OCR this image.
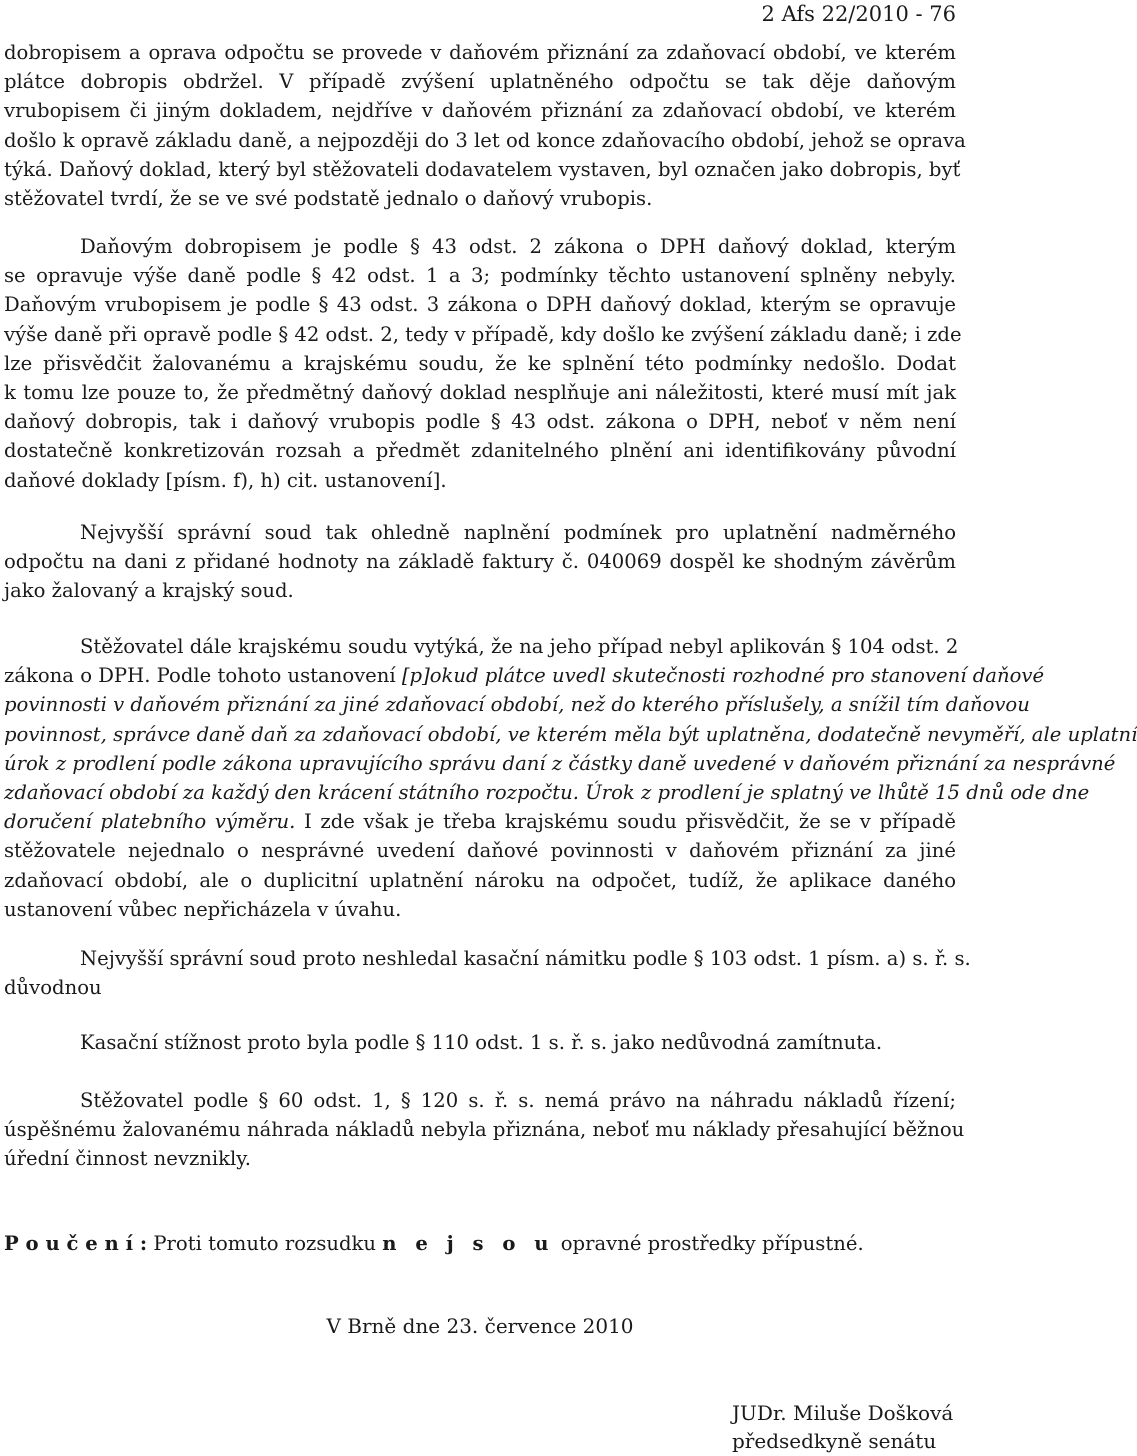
2 Afs 22/2010 - 76

dobropisem a oprava odpočtu se provede v daňovém přiznání za zdaňovací období, ve kterém
plátce dobropis obdržel. V případě zvýšení uplatněného odpočtu se tak děje daňovým
vrubopisem či jiným dokladem, nejdříve v daňovém přiznání za zdaňovací období, ve kterém
došlo k opravě základu daně, a nejpozději do 3 let od konce zdaňovacího období, jehož se oprava
týká. Daňový doklad, který byl stěžovateli dodavatelem vystaven, byl označen jako dobropis, byť
stěžovatel tvrdí, že se ve své podstatě jednalo o daňový vrubopis.

Daňovým dobropisem je podle § 43 odst. 2 zákona o DPH daňový doklad, kterým
se opravuje výše daně podle § 42 odst. 1 a 3; podmínky těchto ustanovení splněny nebyly.
Daňovým vrubopisem je podle § 43 odst. 3 zákona o DPH daňový doklad, kterým se opravuje
výše daně při opravě podle § 42 odst. 2, tedy v případě, kdy došlo ke zvýšení základu daně; i zde
lze přisvědčit žalovanému a krajskému soudu, že ke splnění této podmínky nedošlo. Dodat
k tomu lze pouze to, že předmětný daňový doklad nesplňuje ani náležitosti, které musí mít jak
daňový dobropis, tak i daňový vrubopis podle § 43 odst. zákona o DPH, neboť v něm není
dostatečně konkretizován rozsah a předmět zdanitelného plnění ani identifikovány původní
daňové doklady [písm. f), h) cit. ustanovení].

Nejvyšší správní soud tak ohledně naplnění podmínek pro uplatnění nadměrného
odpočtu na dani z přidané hodnoty na základě faktury č. 040069 dospěl ke shodným závěrům
jako žalovaný a krajský soud.

Stěžovatel dále krajskému soudu vytýká, že na jeho případ nebyl aplikován § 104 odst. 2
zákona o DPH. Podle tohoto ustanovení [p]okud plátce uvedl skutečnosti rozhodné pro stanovení daňové
povinnosti v daňovém přiznání za jiné zdaňovací období, než do kterého příslušely, a snížil tím daňovou
povinnost, správce daně daň za zdaňovací období, ve kterém měla být uplatněna, dodatečně nevyměří, ale uplatní
úrok z prodlení podle zákona upravujícího správu daní z částky daně uvedené v daňovém přiznání za nesprávné
zdaňovací období za každý den krácení státního rozpočtu. Úrok z prodlení je splatný ve lhůtě 15 dnů ode dne
doručení platebního výměru. I zde však je třeba krajskému soudu přisvědčit, že se v případě
stěžovatele nejednalo o nesprávné uvedení daňové povinnosti v daňovém přiznání za jiné
zdaňovací období, ale o duplicitní uplatnění nároku na odpočet, tudíž, že aplikace daného
ustanovení vůbec nepřicházela v úvahu.

Nejvyšší správní soud proto neshledal kasační námitku podle § 103 odst. 1 písm. a) s. ř. s.
důvodnou

Kasační stížnost proto byla podle § 110 odst. 1 s. ř. s. jako nedůvodná zamítnuta.

Stěžovatel podle § 60 odst. 1, § 120 s. ř. s. nemá právo na náhradu nákladů řízení;
úspěšnému žalovanému náhrada nákladů nebyla přiznána, neboť mu náklady přesahující běžnou
úřední činnost nevznikly.

P o u č e n í : Proti tomuto rozsudku n e j s o u opravné prostředky přípustné.

V Brně dne 23. července 2010
JUDr. Miluše Došková
předsedkyně senátu
